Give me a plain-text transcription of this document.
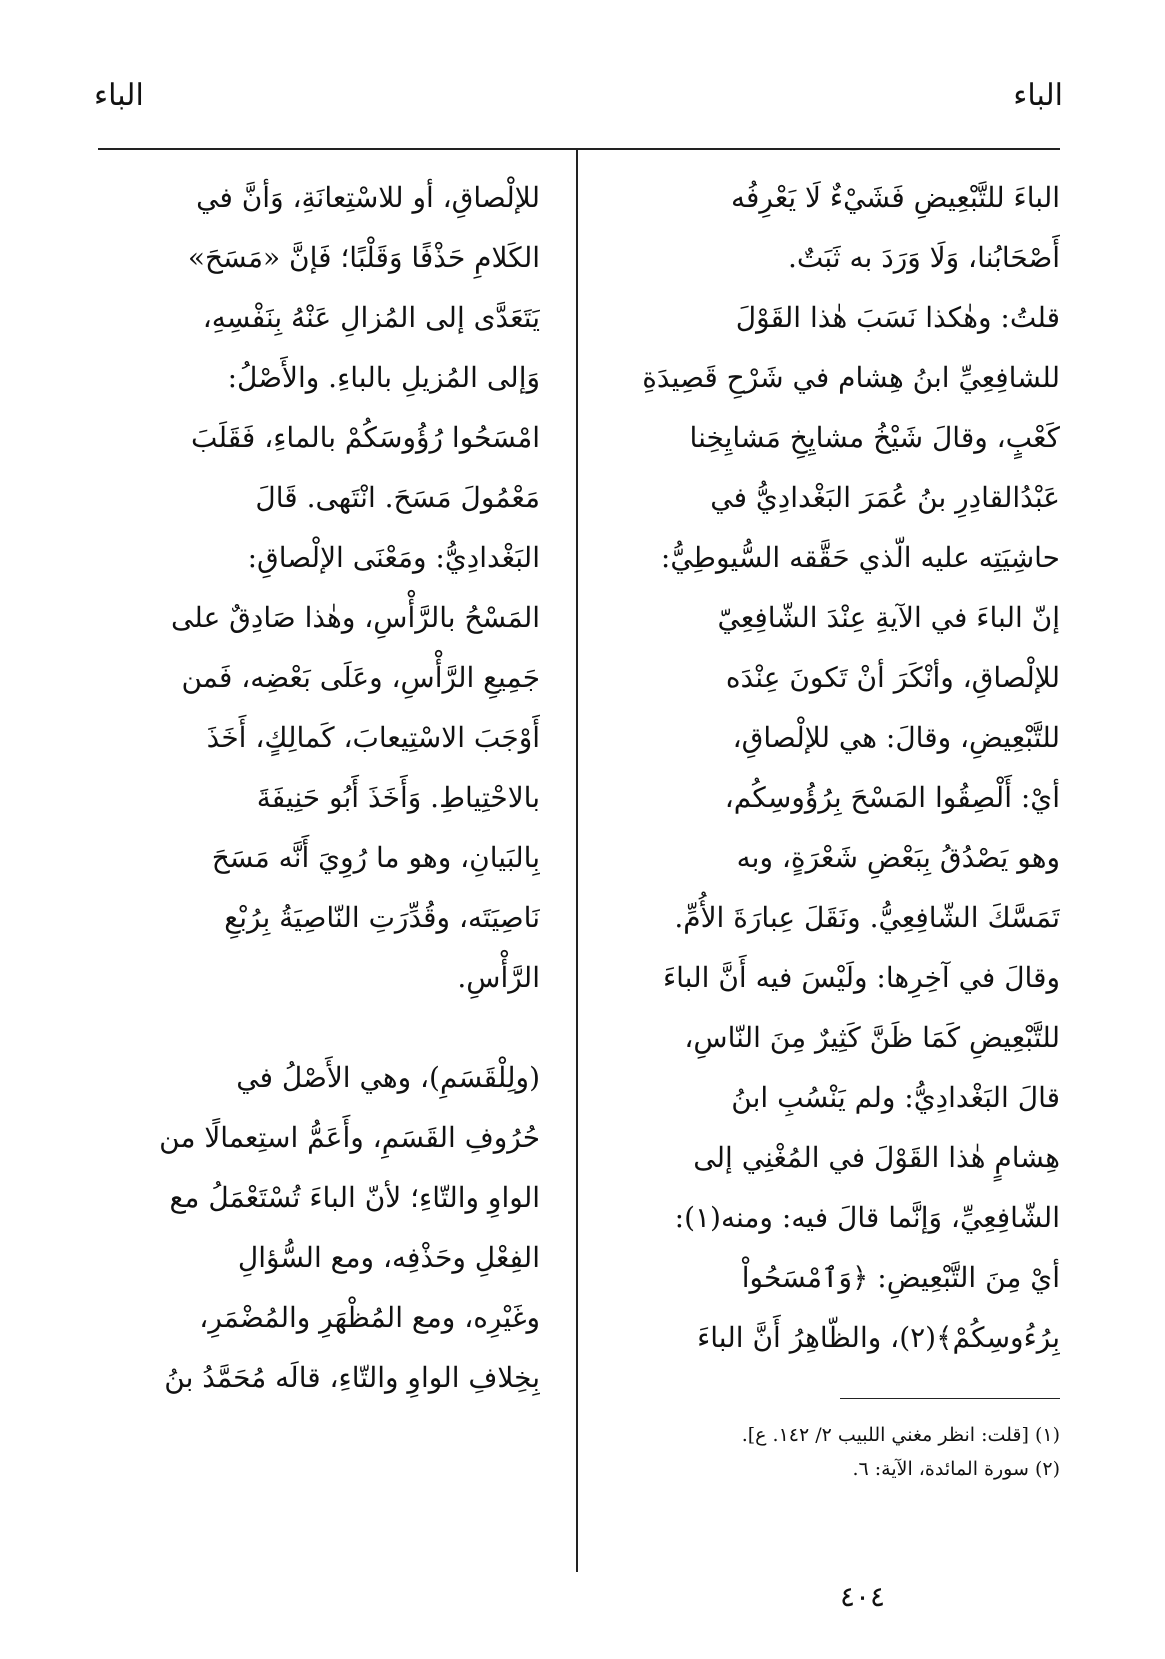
الباء
الباء
الباءَ للتَّبْعِيضِ فَشَيْءٌ لَا يَعْرِفُه
أَصْحَابُنا، وَلَا وَرَدَ به ثَبَتٌ.
قلتُ: وهٰكذا نَسَبَ هٰذا القَوْلَ
للشافِعِيِّ ابنُ هِشام في شَرْحِ قَصِيدَةِ
كَعْبٍ، وقالَ شَيْخُ مشايِخِ مَشايِخِنا
عَبْدُالقادِرِ بنُ عُمَرَ البَغْدادِيُّ في
حاشِيَتِه عليه الّذي حَقَّقه السُّيوطِيُّ:
إنّ الباءَ في الآيةِ عِنْدَ الشّافِعِيّ
للإلْصاقِ، وأنْكَرَ أنْ تَكونَ عِنْدَه
للتَّبْعِيضِ، وقالَ: هي للإلْصاقِ،
أيْ: أَلْصِقُوا المَسْحَ بِرُؤُوسِكُم،
وهو يَصْدُقُ بِبَعْضِ شَعْرَةٍ، وبه
تَمَسَّكَ الشّافِعِيُّ. ونَقَلَ عِبارَةَ الأُمِّ.
وقالَ في آخِرِها: ولَيْسَ فيه أَنَّ الباءَ
للتَّبْعِيضِ كَمَا ظَنَّ كَثِيرٌ مِنَ النّاسِ،
قالَ البَغْدادِيُّ: ولم يَنْسُبِ ابنُ
هِشامٍ هٰذا القَوْلَ في المُغْنِي إلى
الشّافِعِيِّ، وَإنَّما قالَ فيه: ومنه(١):
أيْ مِنَ التَّبْعِيضِ: ﴿وَٱمْسَحُواْ
بِرُءُوسِكُمْ﴾(٢)، والظّاهِرُ أَنَّ الباءَ
للإلْصاقِ، أو للاسْتِعانَةِ، وَأنَّ في
الكَلامِ حَذْفًا وَقَلْبًا؛ فَإنَّ «مَسَحَ»
يَتَعَدَّى إلى المُزالِ عَنْهُ بِنَفْسِهِ،
وَإلى المُزيلِ بالباءِ. والأَصْلُ:
امْسَحُوا رُؤُوسَكُمْ بالماءِ، فَقَلَبَ
مَعْمُولَ مَسَحَ. انْتَهى. قَالَ
البَغْدادِيُّ: ومَعْنَى الإلْصاقِ:
المَسْحُ بالرَّأْسِ، وهٰذا صَادِقٌ على
جَمِيعِ الرَّأْسِ، وعَلَى بَعْضِه، فَمن
أَوْجَبَ الاسْتِيعابَ، كَمالِكٍ، أَخَذَ
بالاحْتِياطِ. وَأَخَذَ أَبُو حَنِيفَةَ
بِالبَيانِ، وهو ما رُوِيَ أَنَّه مَسَحَ
نَاصِيَتَه، وقُدِّرَتِ النّاصِيَةُ بِرُبْعِ
الرَّأْسِ.
(ولِلْقَسَمِ)، وهي الأَصْلُ في
حُرُوفِ القَسَمِ، وأَعَمُّ استِعمالًا من
الواوِ والتّاءِ؛ لأنّ الباءَ تُسْتَعْمَلُ مع
الفِعْلِ وحَذْفِه، ومع السُّؤالِ
وغَيْرِه، ومع المُظْهَرِ والمُضْمَرِ،
بِخِلافِ الواوِ والتّاءِ، قالَه مُحَمَّدُ بنُ
(١) [قلت: انظر مغني اللبيب ٢/ ١٤٢. ع].
(٢) سورة المائدة، الآية: ٦.
٤٠٤
